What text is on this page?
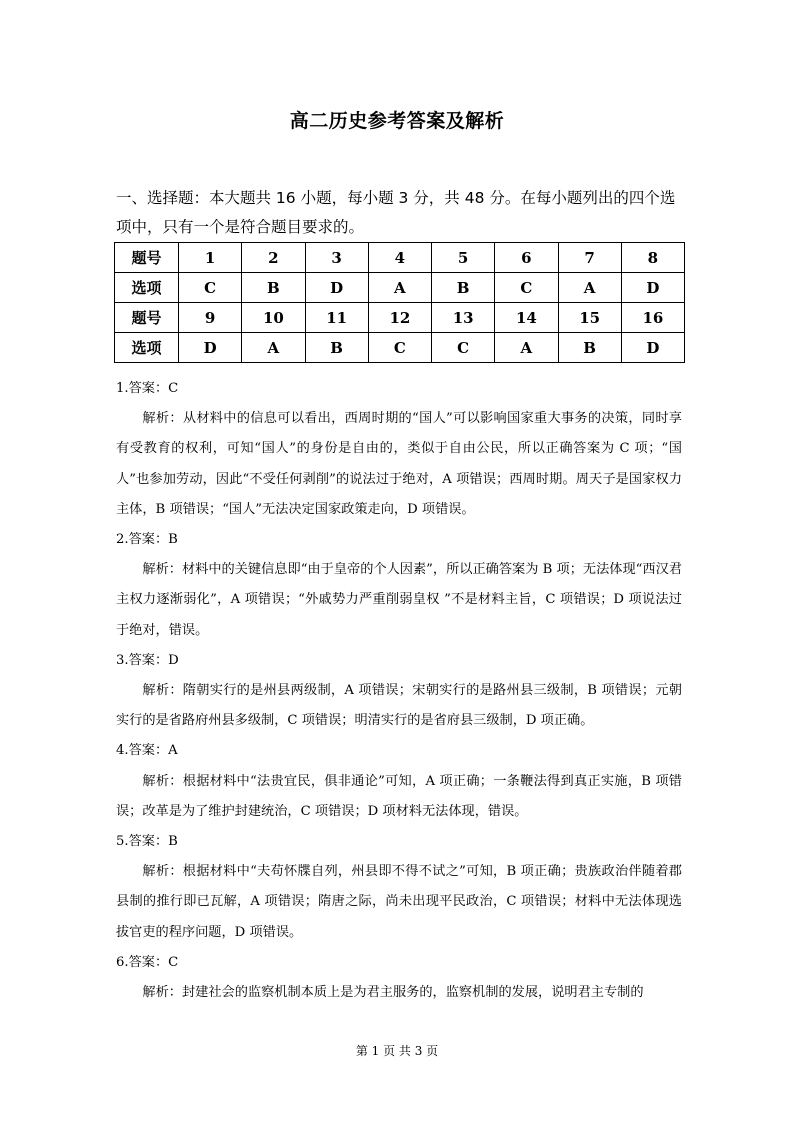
高二历史参考答案及解析
一、选择题：本大题共 16 小题，每小题 3 分，共 48 分。在每小题列出的四个选项中，只有一个是符合题目要求的。
题号	1	2	3	4	5	6	7	8
选项	C	B	D	A	B	C	A	D
题号	9	10	11	12	13	14	15	16
选项	D	A	B	C	C	A	B	D

1.答案：C

解析：从材料中的信息可以看出，西周时期的“国人”可以影响国家重大事务的决策，同时享有受教育的权利，可知“国人”的身份是自由的，类似于自由公民，所以正确答案为 C 项；“国人”也参加劳动，因此“不受任何剥削”的说法过于绝对，A 项错误；西周时期。周天子是国家权力主体，B 项错误；“国人”无法决定国家政策走向，D 项错误。

2.答案：B

解析：材料中的关键信息即“由于皇帝的个人因素”，所以正确答案为 B 项；无法体现“西汉君主权力逐渐弱化”，A 项错误；“外戚势力严重削弱皇权 ”不是材料主旨，C 项错误；D 项说法过于绝对，错误。

3.答案：D

解析：隋朝实行的是州县两级制，A 项错误；宋朝实行的是路州县三级制，B 项错误；元朝实行的是省路府州县多级制，C 项错误；明清实行的是省府县三级制，D 项正确。

4.答案：A

解析：根据材料中“法贵宜民，俱非通论”可知，A 项正确；一条鞭法得到真正实施，B 项错误；改革是为了维护封建统治，C 项错误；D 项材料无法体现，错误。

5.答案：B

解析：根据材料中“夫苟怀牒自列，州县即不得不试之”可知，B 项正确；贵族政治伴随着郡县制的推行即已瓦解，A 项错误；隋唐之际，尚未出现平民政治，C 项错误；材料中无法体现选拔官吏的程序问题，D 项错误。

6.答案：C

解析：封建社会的监察机制本质上是为君主服务的，监察机制的发展，说明君主专制的

第 1 页 共 3 页
